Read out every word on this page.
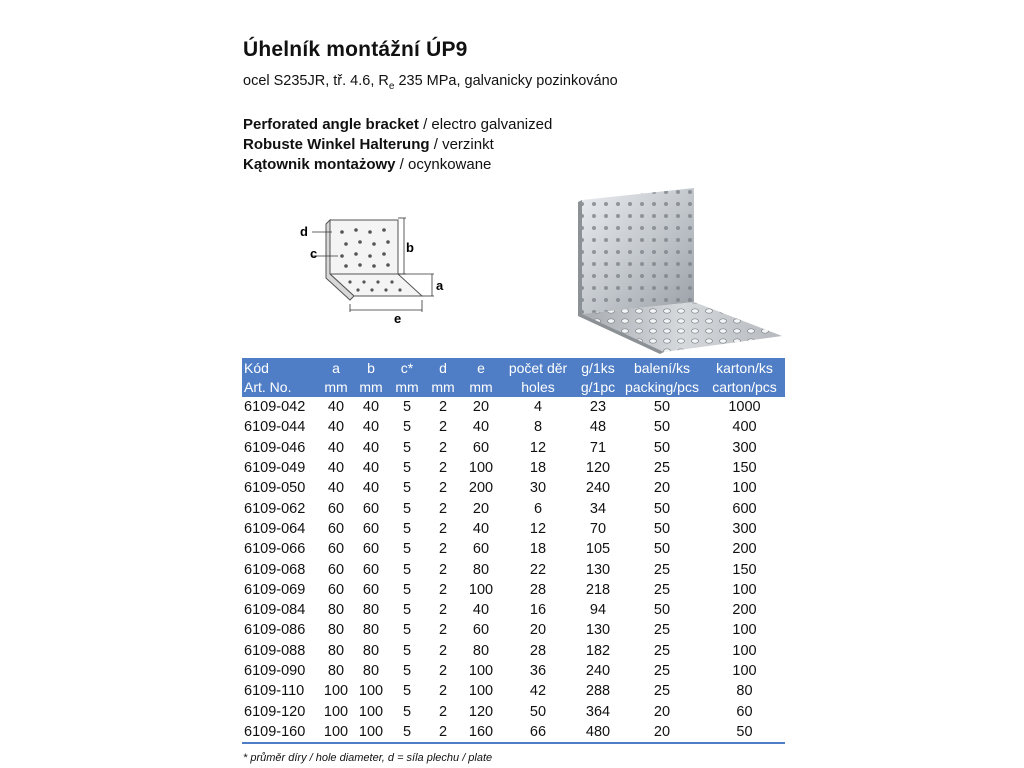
Úhelník montážní ÚP9
ocel S235JR, tř. 4.6, $R_e$ 235 MPa, galvanicky pozinkováno
Perforated angle bracket / electro galvanized
Robuste Winkel Halterung / verzinkt
Kątownik montażowy / ocynkowane
d
c	b
a
e
Kód	a	b	c*	d	e	počet děr	g/1ks	balení/ks	karton/ks
Art. No.	mm	mm	mm	mm	mm	holes	g/1pc	packing/pcs	carton/pcs
6109-042	40	40	5	2	20	4	23	50	1000
6109-044	40	40	5	2	40	8	48	50	400
6109-046	40	40	5	2	60	12	71	50	300
6109-049	40	40	5	2	100	18	120	25	150
6109-050	40	40	5	2	200	30	240	20	100
6109-062	60	60	5	2	20	6	34	50	600
6109-064	60	60	5	2	40	12	70	50	300
6109-066	60	60	5	2	60	18	105	50	200
6109-068	60	60	5	2	80	22	130	25	150
6109-069	60	60	5	2	100	28	218	25	100
6109-084	80	80	5	2	40	16	94	50	200
6109-086	80	80	5	2	60	20	130	25	100
6109-088	80	80	5	2	80	28	182	25	100
6109-090	80	80	5	2	100	36	240	25	100
6109-110	100	100	5	2	100	42	288	25	80
6109-120	100	100	5	2	120	50	364	20	60
6109-160	100	100	5	2	160	66	480	20	50
* průměr díry / hole diameter, d = síla plechu / plate
